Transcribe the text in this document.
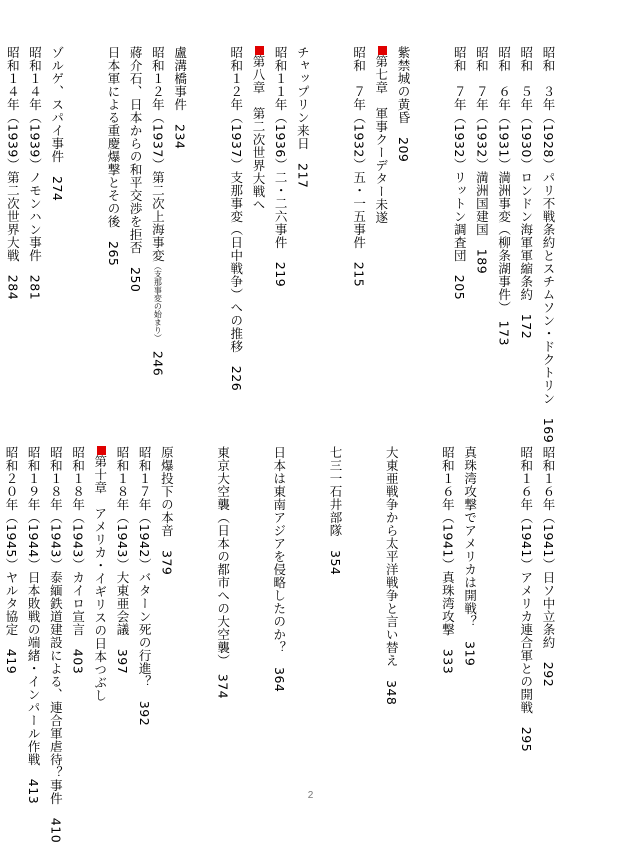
昭和　３年（1928）パリ不戦条約とスチムソン・ドクトリン　169
昭和　５年（1930）ロンドン海軍軍縮条約　172
昭和　６年（1931）満洲事変（柳条湖事件）　173
昭和　７年（1932）満洲国建国　189
昭和　７年（1932）リットン調査団　205
紫禁城の黄昏　209
第七章　軍事クーデター未遂
昭和　７年（1932）五・一五事件　215
チャップリン来日　217
昭和１１年（1936）二・二六事件　219
第八章　第二次世界大戦へ
昭和１２年（1937）支那事変（日中戦争）への推移　226
盧溝橋事件　234
昭和１２年（1937）第二次上海事変（支那事変の始まり）　246
蔣介石、日本からの和平交渉を拒否　250
日本軍による重慶爆撃とその後　265
ゾルゲ、スパイ事件　274
昭和１４年（1939）ノモンハン事件　281
昭和１４年（1939）第二次世界大戦　284
昭和１６年（1941）日ソ中立条約　292
昭和１６年（1941）アメリカ連合軍との開戦　295
真珠湾攻撃でアメリカは開戦？　319
昭和１６年（1941）真珠湾攻撃　333
大東亜戦争から太平洋戦争と言い替え　348
七三一石井部隊　354
日本は東南アジアを侵略したのか？　364
東京大空襲（日本の都市への大空襲）　374
原爆投下の本音　379
昭和１７年（1942）バターン死の行進？　392
昭和１８年（1943）大東亜会議　397
第十章　アメリカ・イギリスの日本つぶし
昭和１８年（1943）カイロ宣言　403
昭和１８年（1943）泰緬鉄道建設による、連合軍虐待？事件　410
昭和１９年（1944）日本敗戦の端緒・インパール作戦　413
昭和２０年（1945）ヤルタ協定　419
2
